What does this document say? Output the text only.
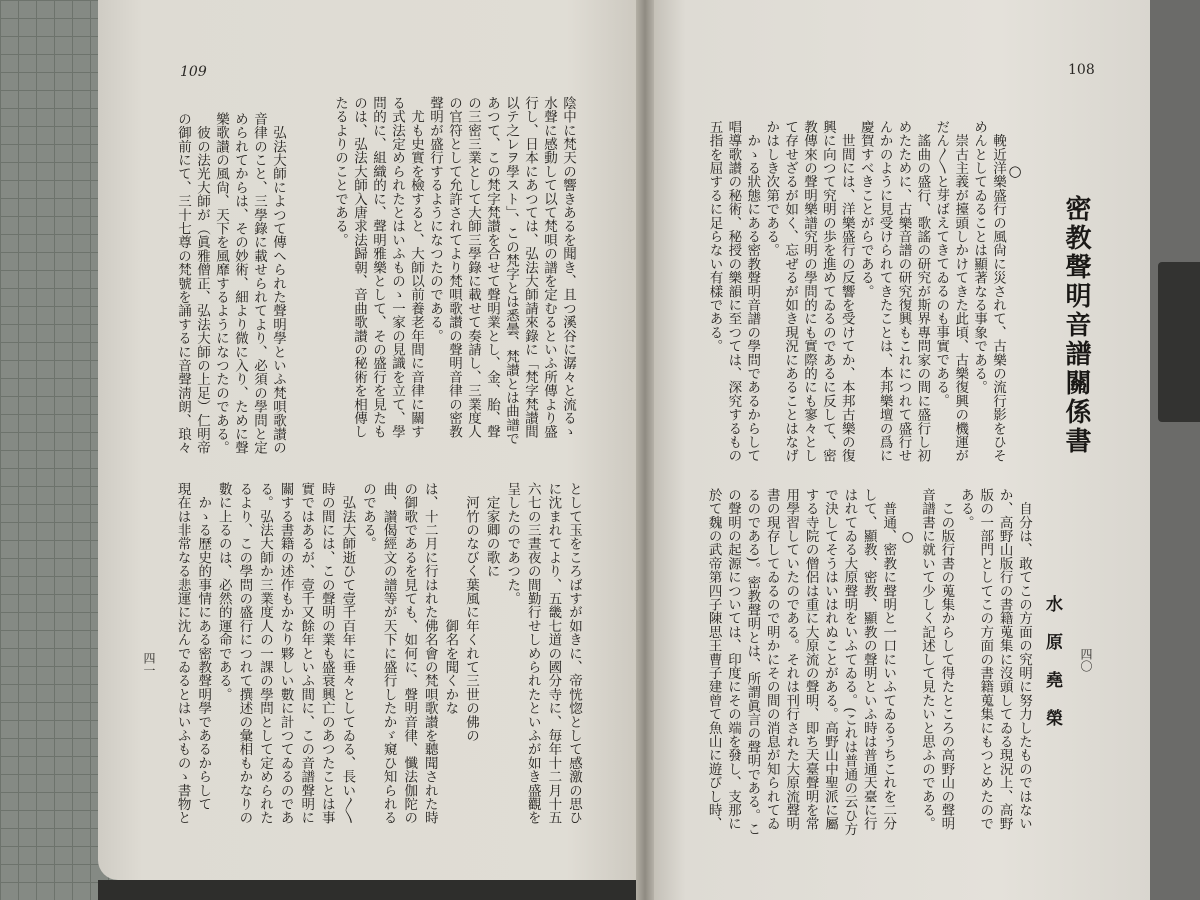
108
109
四〇
四一
密教聲明音譜關係書
水原堯榮
○
　輓近洋樂盛行の風尙に災されて、古樂の流行影をひそ
めんとしてゐることは顯著なる事象である。
　崇古主義が擡頭しかけてきた此頃、古樂復興の機運が
だん〳〵と芽ばえてきてゐるのも事實である。
　謠曲の盛行、歌謠の研究が斯界專問家の間に盛行し初
めたために、古樂音譜の研究復興もこれにつれて盛行せ
んかのように見受けられてきたことは、本邦樂壇の爲に
慶賀すべきことがらである。
　世間には、洋樂盛行の反響を受けてか、本邦古樂の復
興に向つて究明の歩を進めてゐるのであるに反して、密
教傳來の聲明樂譜究明の學問的にも實際的にも寥々とし
て存せざるが如く、忘ぜるが如き現況にあることはなげ
かはしき次第である。
　かゝる狀態にある密教聲明音譜の學問であるからして
唱導歌讃の秘術、秘授の樂韻に至つては、深究するもの
五指を屈するに足らない有樣である。
　自分は、敢てこの方面の究明に努力したものではない
か、高野山版行の書籍蒐集に沒頭してゐる現況上、高野
版の一部門としてこの方面の書籍蒐集にもつとめたので
ある。
　この版行書の蒐集からして得たところの高野山の聲明
音譜書に就いて少しく記述して見たいと思ふのである。
　　　○
　普通、密教に聲明と一口にいふてゐるうちこれを二分
して、顯教、密教、顯教の聲明といふ時は普通天臺に行
はれてゐる大原聲明をいふてゐる。(これは普通の云ひ方
で決してそうはいはれぬことがある。高野山中聖派に屬
する寺院の僧侶は重に大原流の聲明、即ち天臺聲明を常
用學習していたのである。それは刊行された大原流聲明
書の現存してゐるので明かにその間の消息が知られてゐ
るのである)。密教聲明とは、所謂眞言の聲明である。こ
の聲明の起源については、印度にその端を發し、支那に
於て魏の武帝第四子陳思王曹子建曾て魚山に遊びし時、
陰中に梵天の響きあるを聞き、且つ溪谷に潺々と流るゝ
水聲に感動して以て梵唄の譜を定むるといふ所傳より盛
行し、日本にあつては、弘法大師請來錄に「梵字梵讃間
以テ之レヲ學スト」、この梵字とは悉曇、梵讃とは曲譜で
あつて、この梵字梵讃を合せて聲明業とし、金、胎、聲
の三密三業として大師三學錄に載せて奏請し、三業度人
の官符として允許されてより梵唄歌讃の聲明音律の密教
聲明が盛行するようになつたのである。
　尤も史實を檢すると、大師以前養老年間に音律に關す
る式法定められたとはいふものゝ一家の見識を立て、學
問的に、組織的に、聲明雅樂として、その盛行を見たも
のは、弘法大師入唐求法歸朝、音曲歌讃の秘術を相傳し
たるよりのことである。
　弘法大師によつて傳へられた聲明學といふ梵唄歌讃の
音律のこと、三學錄に載せられてより、必須の學問と定
められてからは、その妙術、細より微に入り、ために聲
樂歌讃の風尙、天下を風靡するようになつたのである。
　彼の法光大師が（眞雅僧正、弘法大師の上足）仁明帝
の御前にて、三十七尊の梵號を誦するに音聲淸朗、琅々
として玉をころばすが如きに、帝恍惚として感激の思ひ
に沈まれてより、五畿七道の國分寺に、毎年十二月十五
六七の三晝夜の間勤行せしめられたといふが如き盛觀を
呈したのであつた。
　定家卿の歌に
　河竹のなびく葉風に年くれて三世の佛の
　　　　　　　　　　御名を聞くかな
は、十二月に行はれた佛名會の梵唄歌讃を聽聞された時
の御歌であるを見ても、如何に、聲明音律、懺法伽陀の
曲、讃偈經文の譜等が天下に盛行したかゞ窺ひ知られる
のである。
　弘法大師逝ひて壹千百年に垂々としてゐる、長い〳〵
時の間には、この聲明の業も盛衰興亡のあつたことは事
實ではあるが、壹千又餘年といふ間に、この音譜聲明に
關する書籍の述作もかなり夥しい數に計つてゐるのであ
る。弘法大師か三業度人の一課の學問として定められた
るより、この學問の盛行につれて撰述の彙相もかなりの
數に上るのは、必然的運命である。
　かゝる歷史的事情にある密教聲明學であるからして
現在は非常なる悲運に沈んでゐるとはいふものゝ書物と
